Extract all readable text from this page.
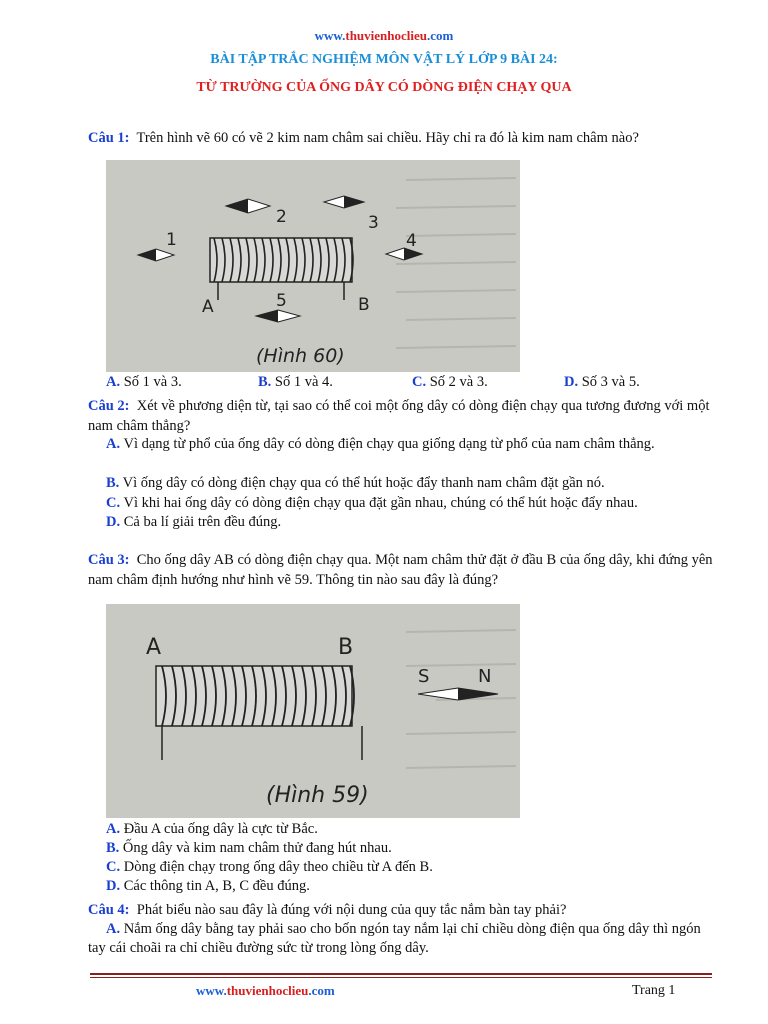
www.thuvienhoclieu.com
BÀI TẬP TRẮC NGHIỆM MÔN VẬT LÝ LỚP 9 BÀI 24:
TỪ TRƯỜNG CỦA ỐNG DÂY CÓ DÒNG ĐIỆN CHẠY QUA
Câu 1: Trên hình vẽ 60 có vẽ 2 kim nam châm sai chiều. Hãy chỉ ra đó là kim nam châm nào?
1
2	3
4
5
A	B
(Hình 60)
A. Số 1 và 3.	B. Số 1 và 4.	C. Số 2 và 3.	D. Số 3 và 5.
Câu 2: Xét về phương diện từ, tại sao có thể coi một ống dây có dòng điện chạy qua tương đương với một nam châm thẳng?
A. Vì dạng từ phổ của ống dây có dòng điện chạy qua giống dạng từ phổ của nam châm thẳng.
B. Vì ống dây có dòng điện chạy qua có thể hút hoặc đẩy thanh nam châm đặt gần nó.
C. Vì khi hai ống dây có dòng điện chạy qua đặt gần nhau, chúng có thể hút hoặc đẩy nhau.
D. Cả ba lí giải trên đều đúng.
Câu 3: Cho ống dây AB có dòng điện chạy qua. Một nam châm thử đặt ở đầu B của ống dây, khi đứng yên nam châm định hướng như hình vẽ 59. Thông tin nào sau đây là đúng?
A	B
S	N
(Hình 59)
A. Đầu A của ống dây là cực từ Bắc.
B. Ống dây và kim nam châm thử đang hút nhau.
C. Dòng điện chạy trong ống dây theo chiều từ A đến B.
D. Các thông tin A, B, C đều đúng.
Câu 4: Phát biểu nào sau đây là đúng với nội dung của quy tắc nắm bàn tay phải?
A. Nắm ống dây bằng tay phải sao cho bốn ngón tay nắm lại chỉ chiều dòng điện qua ống dây thì ngón tay cái choãi ra chỉ chiều đường sức từ trong lòng ống dây.
www.thuvienhoclieu.com	Trang 1
